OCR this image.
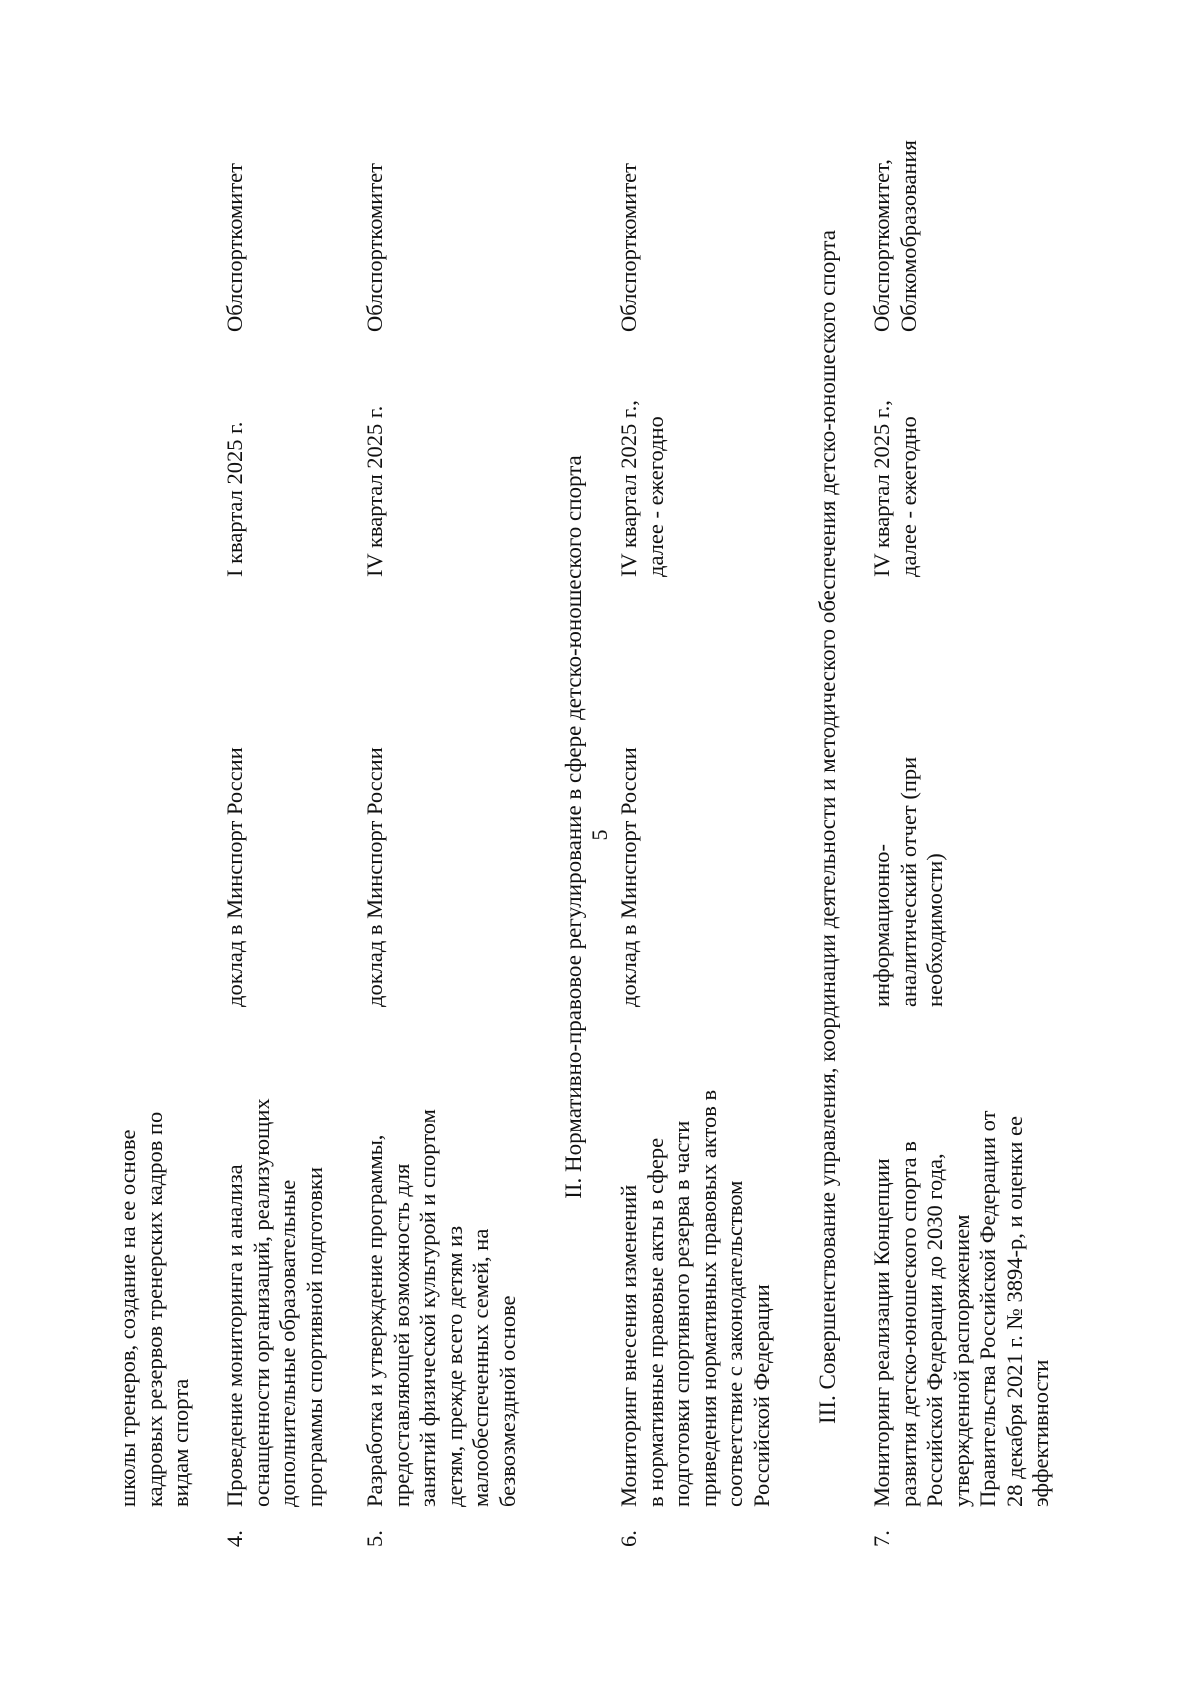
5
школы тренеров, создание на ее основе
кадровых резервов тренерских кадров по
видам спорта
4.
Проведение мониторинга и анализа
оснащенности организаций, реализующих
дополнительные образовательные
программы спортивной подготовки
доклад в Минспорт России
I квартал 2025 г.
Облспорткомитет
5.
Разработка и утверждение программы,
предоставляющей возможность для
занятий физической культурой и спортом
детям, прежде всего детям из
малообеспеченных семей, на
безвозмездной основе
доклад в Минспорт России
IV квартал 2025 г.
Облспорткомитет
II. Нормативно-правовое регулирование в сфере детско-юношеского спорта
6.
Мониторинг внесения изменений
в нормативные правовые акты в сфере
подготовки спортивного резерва в части
приведения нормативных правовых актов в
соответствие с законодательством
Российской Федерации
доклад в Минспорт России
IV квартал 2025 г.,
далее - ежегодно
Облспорткомитет	III. Совершенствование управления, координации деятельности и методического обеспечения детско-юношеского спорта
7.
Мониторинг реализации Концепции
развития детско-юношеского спорта в
Российской Федерации до 2030 года,
утвержденной распоряжением
Правительства Российской Федерации от
28 декабря 2021 г. № 3894-р, и оценки ее
эффективности
информационно-
аналитический отчет (при
необходимости)
IV квартал 2025 г.,
далее - ежегодно
Облспорткомитет,
Облкомобразования
